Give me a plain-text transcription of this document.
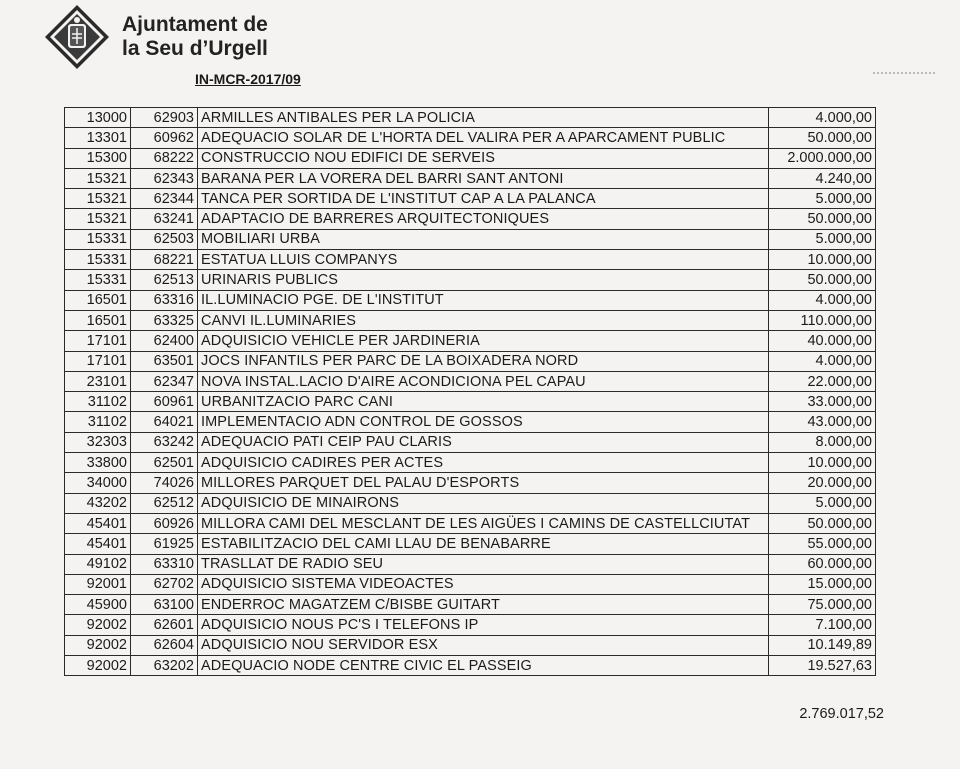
Ajuntament de
la Seu d’Urgell
IN-MCR-2017/09
13000	62903	ARMILLES ANTIBALES PER LA POLICIA	4.000,00
13301	60962	ADEQUACIO SOLAR DE L'HORTA DEL VALIRA PER A APARCAMENT PUBLIC	50.000,00
15300	68222	CONSTRUCCIO NOU EDIFICI DE SERVEIS	2.000.000,00
15321	62343	BARANA PER LA VORERA DEL BARRI SANT ANTONI	4.240,00
15321	62344	TANCA PER SORTIDA DE L'INSTITUT CAP A LA PALANCA	5.000,00
15321	63241	ADAPTACIO DE BARRERES ARQUITECTONIQUES	50.000,00
15331	62503	MOBILIARI URBA	5.000,00
15331	68221	ESTATUA LLUIS COMPANYS	10.000,00
15331	62513	URINARIS PUBLICS	50.000,00
16501	63316	IL.LUMINACIO PGE. DE L'INSTITUT	4.000,00
16501	63325	CANVI IL.LUMINARIES	110.000,00
17101	62400	ADQUISICIO VEHICLE PER JARDINERIA	40.000,00
17101	63501	JOCS INFANTILS PER PARC DE LA BOIXADERA NORD	4.000,00
23101	62347	NOVA INSTAL.LACIO D'AIRE ACONDICIONA PEL CAPAU	22.000,00
31102	60961	URBANITZACIO PARC CANI	33.000,00
31102	64021	IMPLEMENTACIO ADN CONTROL DE GOSSOS	43.000,00
32303	63242	ADEQUACIO PATI CEIP PAU CLARIS	8.000,00
33800	62501	ADQUISICIO CADIRES PER ACTES	10.000,00
34000	74026	MILLORES PARQUET DEL PALAU D'ESPORTS	20.000,00
43202	62512	ADQUISICIO DE MINAIRONS	5.000,00
45401	60926	MILLORA CAMI DEL MESCLANT DE LES AIGÜES I CAMINS DE CASTELLCIUTAT	50.000,00
45401	61925	ESTABILITZACIO DEL CAMI LLAU DE BENABARRE	55.000,00
49102	63310	TRASLLAT DE RADIO SEU	60.000,00
92001	62702	ADQUISICIO SISTEMA VIDEOACTES	15.000,00
45900	63100	ENDERROC MAGATZEM C/BISBE GUITART	75.000,00
92002	62601	ADQUISICIO NOUS PC'S I TELEFONS IP	7.100,00
92002	62604	ADQUISICIO NOU SERVIDOR ESX	10.149,89
92002	63202	ADEQUACIO NODE CENTRE CIVIC EL PASSEIG	19.527,63
2.769.017,52
